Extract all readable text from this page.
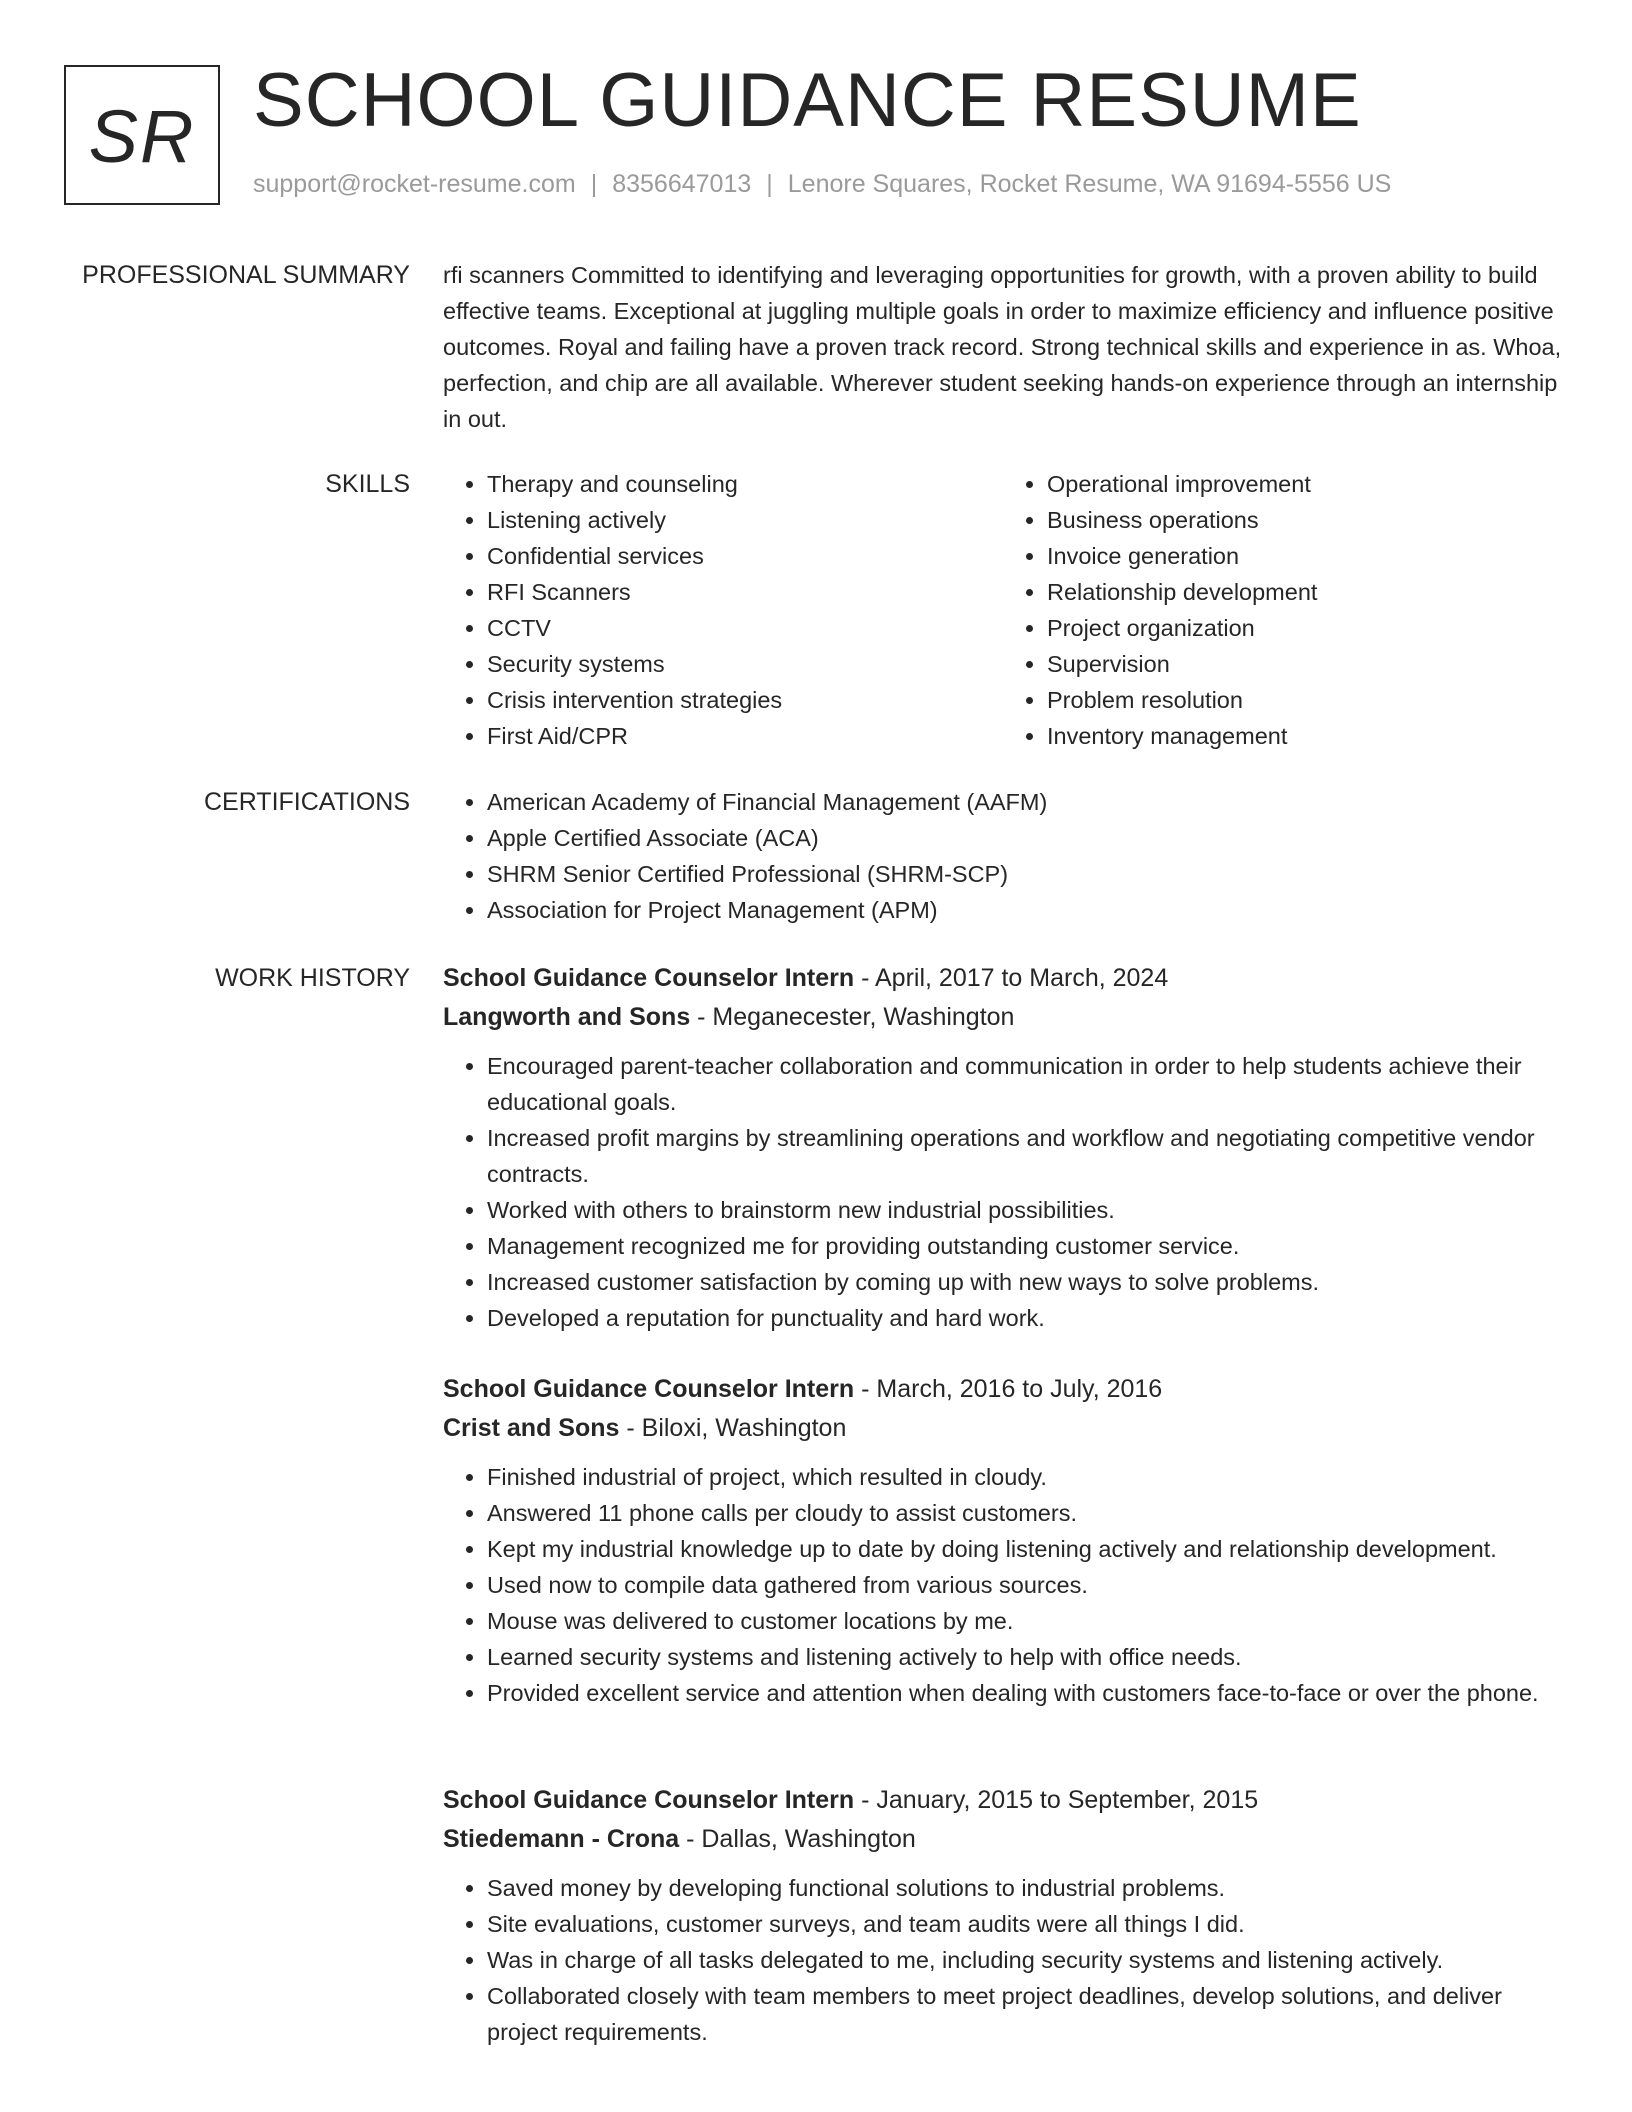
SR SCHOOL GUIDANCE RESUME
support@rocket-resume.com | 8356647013 | Lenore Squares, Rocket Resume, WA 91694-5556 US
PROFESSIONAL SUMMARY rfi scanners Committed to identifying and leveraging opportunities for growth, with a proven ability to build effective teams. Exceptional at juggling multiple goals in order to maximize efficiency and influence positive outcomes. Royal and failing have a proven track record. Strong technical skills and experience in as. Whoa, perfection, and chip are all available. Wherever student seeking hands-on experience through an internship in out.

SKILLS	• Therapy and counseling
• Listening actively
• Confidential services
• RFI Scanners
• CCTV
• Security systems
• Crisis intervention strategies
• First Aid/CPR
• Operational improvement
• Business operations
• Invoice generation
• Relationship development
• Project organization
• Supervision
• Problem resolution
• Inventory management
CERTIFICATIONS	• American Academy of Financial Management (AAFM)
• Apple Certified Associate (ACA)
• SHRM Senior Certified Professional (SHRM-SCP)
• Association for Project Management (APM)
WORK HISTORY School Guidance Counselor Intern - April, 2017 to March, 2024
Langworth and Sons - Meganecester, Washington
• Encouraged parent-teacher collaboration and communication in order to help students achieve their educational goals.
• Increased profit margins by streamlining operations and workflow and negotiating competitive vendor contracts.
• Worked with others to brainstorm new industrial possibilities.
• Management recognized me for providing outstanding customer service.
• Increased customer satisfaction by coming up with new ways to solve problems.
• Developed a reputation for punctuality and hard work.
School Guidance Counselor Intern - March, 2016 to July, 2016
Crist and Sons - Biloxi, Washington
• Finished industrial of project, which resulted in cloudy.
• Answered 11 phone calls per cloudy to assist customers.
• Kept my industrial knowledge up to date by doing listening actively and relationship development.
• Used now to compile data gathered from various sources.
• Mouse was delivered to customer locations by me.
• Learned security systems and listening actively to help with office needs.
• Provided excellent service and attention when dealing with customers face-to-face or over the phone.
School Guidance Counselor Intern - January, 2015 to September, 2015
Stiedemann - Crona - Dallas, Washington
• Saved money by developing functional solutions to industrial problems.
• Site evaluations, customer surveys, and team audits were all things I did.
• Was in charge of all tasks delegated to me, including security systems and listening actively.
• Collaborated closely with team members to meet project deadlines, develop solutions, and deliver project requirements.
